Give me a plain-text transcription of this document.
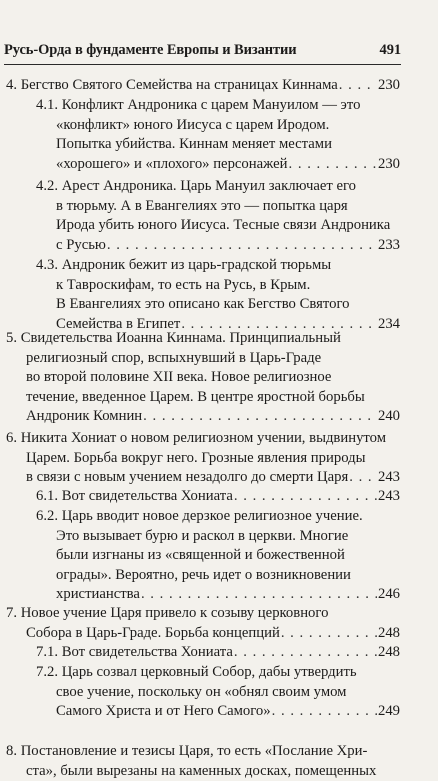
Русь-Орда в фундаменте Европы и Византии	491
4. Бегство Святого Семейства на страницах Киннама . . .	230
4.1. Конфликт Андроника с царем Мануилом — это
«конфликт» юного Иисуса с царем Иродом.
Попытка убийства. Киннам меняет местами
«хорошего» и «плохого» персонажей . . .	230
4.2. Арест Андроника. Царь Мануил заключает его
в тюрьму. А в Евангелиях это — попытка царя
Ирода убить юного Иисуса. Тесные связи Андроника
с Русью . . .	233
4.3. Андроник бежит из царь-градской тюрьмы
к Тавроскифам, то есть на Русь, в Крым.
В Евангелиях это описано как Бегство Святого
Семейства в Египет . . .	234
5. Свидетельства Иоанна Киннама. Принципиальный
религиозный спор, вспыхнувший в Царь-Граде
во второй половине XII века. Новое религиозное
течение, введенное Царем. В центре яростной борьбы
Андроник Комнин . . .	240
6. Никита Хониат о новом религиозном учении, выдвинутом
Царем. Борьба вокруг него. Грозные явления природы
в связи с новым учением незадолго до смерти Царя . . . 243
6.1. Вот свидетельства Хониата . . .	243
6.2. Царь вводит новое дерзкое религиозное учение.
Это вызывает бурю и раскол в церкви. Многие
были изгнаны из «священной и божественной
ограды». Вероятно, речь идет о возникновении
христианства . . .	246
7. Новое учение Царя привело к созыву церковного
Собора в Царь-Граде. Борьба концепций . . .	248
7.1. Вот свидетельства Хониата . . .	248
7.2. Царь созвал церковный Собор, дабы утвердить
свое учение, поскольку он «обнял своим умом
Самого Христа и от Него Самого» . . .	249
8. Постановление и тезисы Царя, то есть «Послание Хри-
ста», были вырезаны на каменных досках, помещенных
